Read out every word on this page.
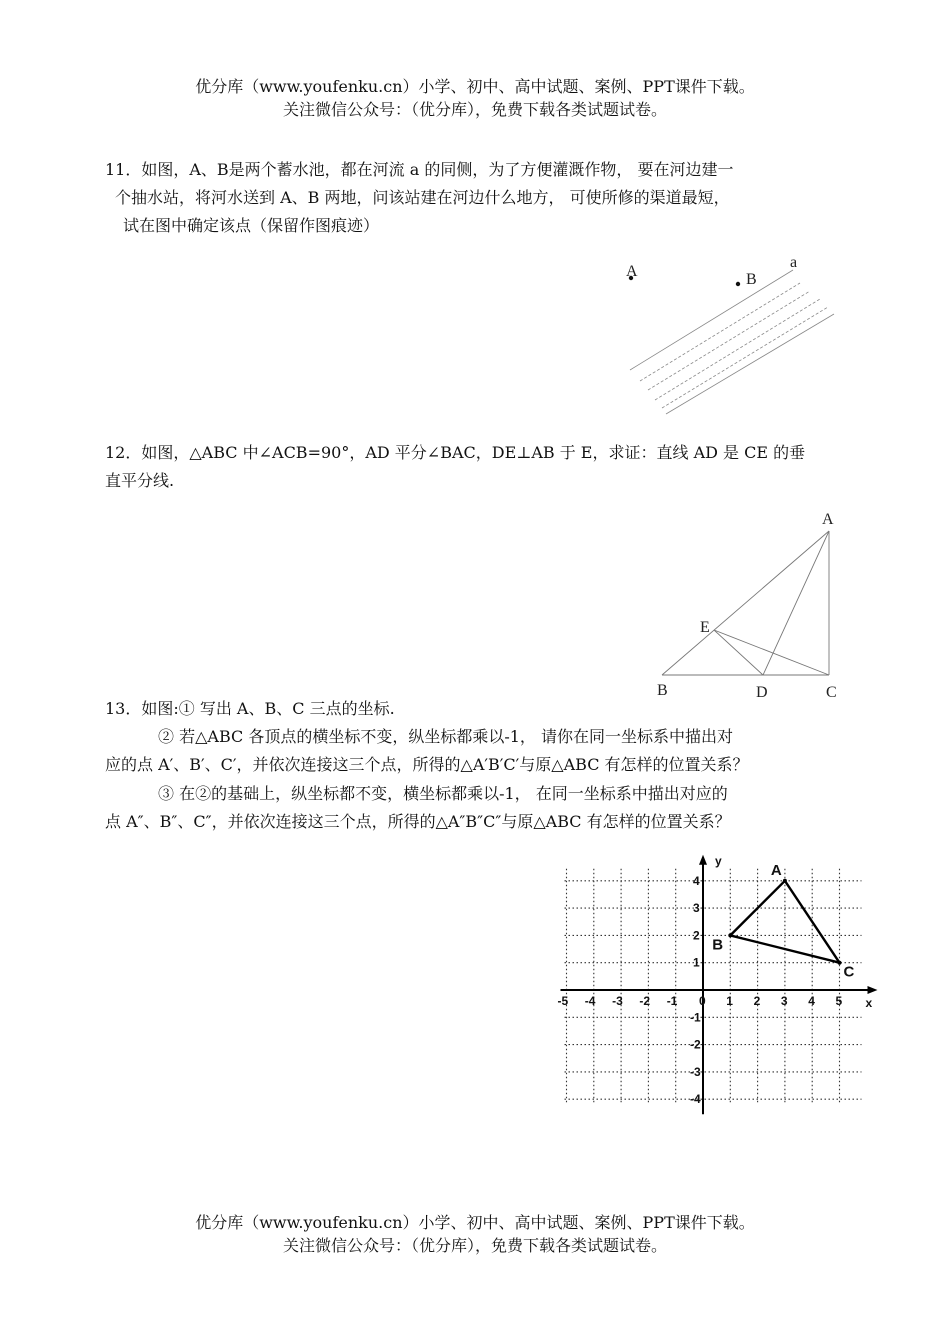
优分库（www.youfenku.cn）小学、初中、高中试题、案例、PPT课件下载。
关注微信公众号：（优分库），免费下载各类试题试卷。
11．如图，A、B是两个蓄水池，都在河流 a 的同侧，为了方便灌溉作物， 要在河边建一
个抽水站，将河水送到 A、B 两地，问该站建在河边什么地方， 可使所修的渠道最短，
试在图中确定该点（保留作图痕迹）
A	B
a
12．如图，△ABC 中∠ACB=90°，AD 平分∠BAC，DE⊥AB 于 E，求证：直线 AD 是 CE 的垂
直平分线.
A
E
B	D	C
13．如图:① 写出 A、B、C 三点的坐标.
② 若△ABC 各顶点的横坐标不变，纵坐标都乘以-1， 请你在同一坐标系中描出对
应的点 A′、B′、C′，并依次连接这三个点，所得的△A′B′C′与原△ABC 有怎样的位置关系？
③ 在②的基础上，纵坐标都不变，横坐标都乘以-1， 在同一坐标系中描出对应的
点 A″、B″、C″，并依次连接这三个点，所得的△A″B″C″与原△ABC 有怎样的位置关系？
x
y
-5 -4 -3 -2 -1 0 1 2 3 4 5
4
3
2
1
-1
-2
-3
-4
A
B
C
优分库（www.youfenku.cn）小学、初中、高中试题、案例、PPT课件下载。
关注微信公众号：（优分库），免费下载各类试题试卷。
